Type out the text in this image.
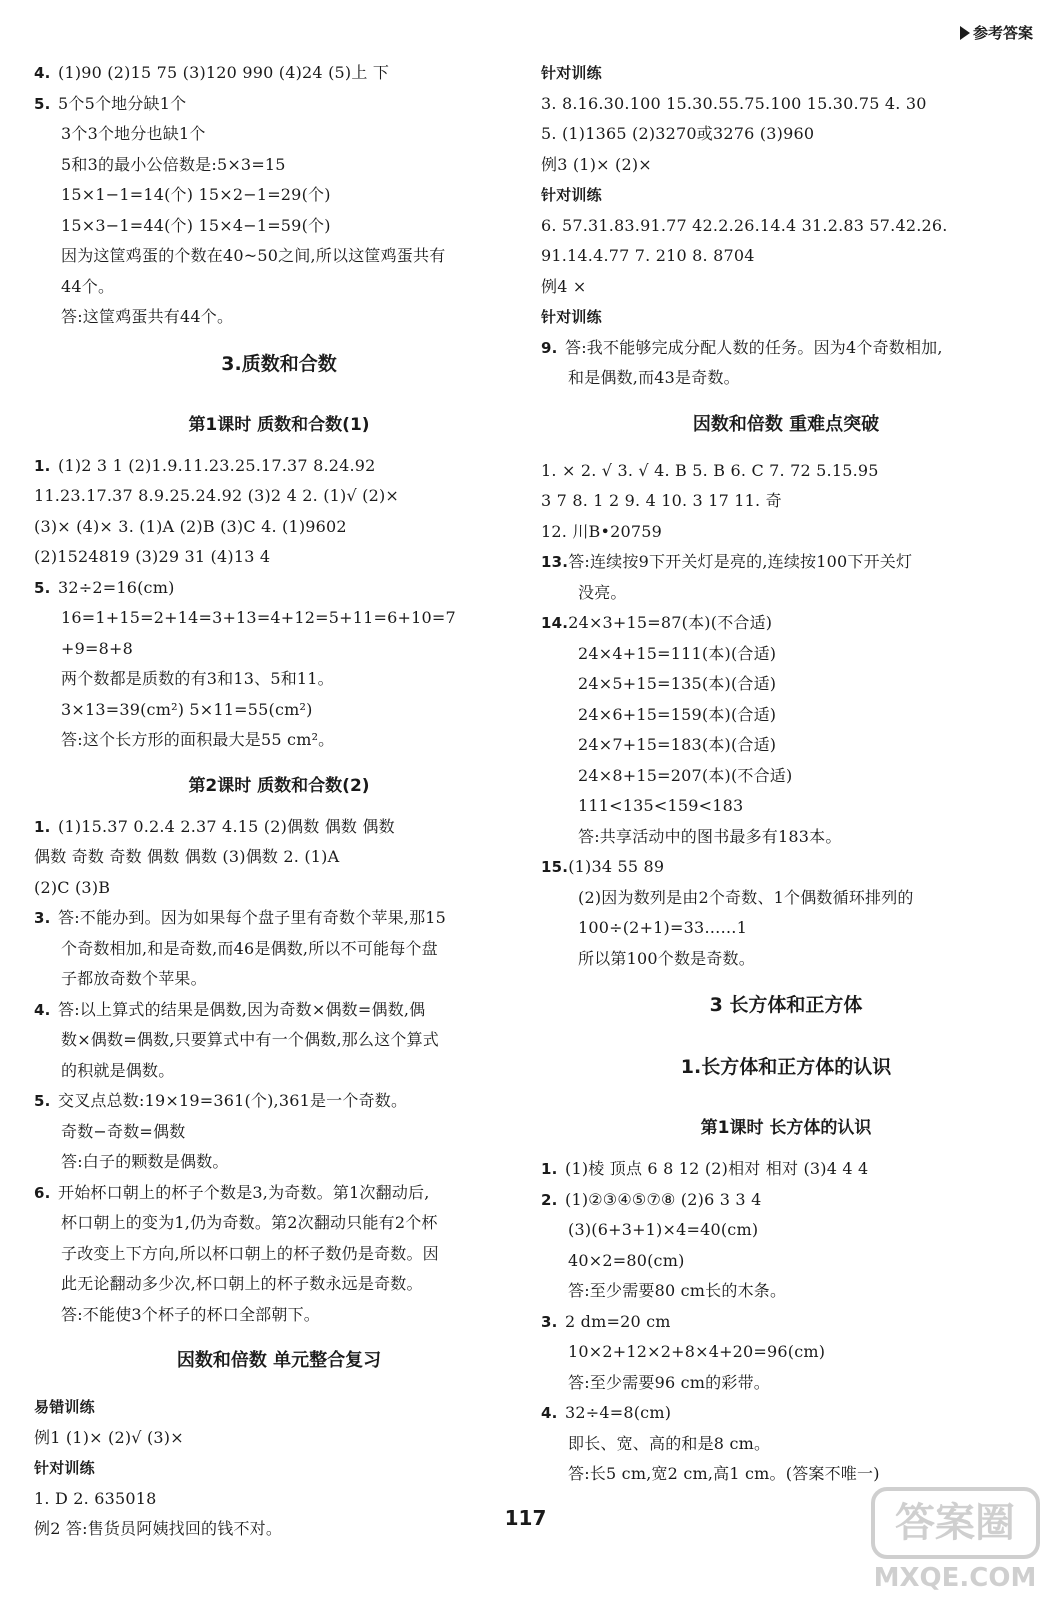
参考答案
4. (1)90 (2)15 75 (3)120 990 (4)24 (5)上 下
5. 5个5个地分缺1个
3个3个地分也缺1个
5和3的最小公倍数是:5×3=15
15×1−1=14(个) 15×2−1=29(个)
15×3−1=44(个) 15×4−1=59(个)
因为这筐鸡蛋的个数在40~50之间,所以这筐鸡蛋共有
44个。
答:这筐鸡蛋共有44个。
3.质数和合数
第1课时 质数和合数(1)
1. (1)2 3 1 (2)1.9.11.23.25.17.37 8.24.92
11.23.17.37 8.9.25.24.92 (3)2 4 2. (1)√ (2)×
(3)× (4)× 3. (1)A (2)B (3)C 4. (1)9602
(2)1524819 (3)29 31 (4)13 4
5. 32÷2=16(cm)
16=1+15=2+14=3+13=4+12=5+11=6+10=7
+9=8+8
两个数都是质数的有3和13、5和11。
3×13=39(cm²) 5×11=55(cm²)
答:这个长方形的面积最大是55 cm²。
第2课时 质数和合数(2)
1. (1)15.37 0.2.4 2.37 4.15 (2)偶数 偶数 偶数
偶数 奇数 奇数 偶数 偶数 (3)偶数 2. (1)A
(2)C (3)B
3. 答:不能办到。因为如果每个盘子里有奇数个苹果,那15
个奇数相加,和是奇数,而46是偶数,所以不可能每个盘
子都放奇数个苹果。
4. 答:以上算式的结果是偶数,因为奇数×偶数=偶数,偶
数×偶数=偶数,只要算式中有一个偶数,那么这个算式
的积就是偶数。
5. 交叉点总数:19×19=361(个),361是一个奇数。
奇数−奇数=偶数
答:白子的颗数是偶数。
6. 开始杯口朝上的杯子个数是3,为奇数。第1次翻动后,
杯口朝上的变为1,仍为奇数。第2次翻动只能有2个杯
子改变上下方向,所以杯口朝上的杯子数仍是奇数。因
此无论翻动多少次,杯口朝上的杯子数永远是奇数。
答:不能使3个杯子的杯口全部朝下。
因数和倍数 单元整合复习
易错训练
例1 (1)× (2)√ (3)×
针对训练
1. D 2. 635018
例2 答:售货员阿姨找回的钱不对。
针对训练
3. 8.16.30.100 15.30.55.75.100 15.30.75 4. 30
5. (1)1365 (2)3270或3276 (3)960
例3 (1)× (2)×
针对训练
6. 57.31.83.91.77 42.2.26.14.4 31.2.83 57.42.26.
91.14.4.77 7. 210 8. 8704
例4 ×
针对训练
9. 答:我不能够完成分配人数的任务。因为4个奇数相加,
和是偶数,而43是奇数。
因数和倍数 重难点突破
1. × 2. √ 3. √ 4. B 5. B 6. C 7. 72 5.15.95
3 7 8. 1 2 9. 4 10. 3 17 11. 奇
12. 川B•20759
13.答:连续按9下开关灯是亮的,连续按100下开关灯
没亮。
14.24×3+15=87(本)(不合适)
24×4+15=111(本)(合适)
24×5+15=135(本)(合适)
24×6+15=159(本)(合适)
24×7+15=183(本)(合适)
24×8+15=207(本)(不合适)
111<135<159<183
答:共享活动中的图书最多有183本。
15.(1)34 55 89
(2)因为数列是由2个奇数、1个偶数循环排列的
100÷(2+1)=33……1
所以第100个数是奇数。
3 长方体和正方体
1.长方体和正方体的认识
第1课时 长方体的认识
1. (1)棱 顶点 6 8 12 (2)相对 相对 (3)4 4 4
2. (1)②③④⑤⑦⑧ (2)6 3 3 4
(3)(6+3+1)×4=40(cm)
40×2=80(cm)
答:至少需要80 cm长的木条。
3. 2 dm=20 cm
10×2+12×2+8×4+20=96(cm)
答:至少需要96 cm的彩带。
4. 32÷4=8(cm)
即长、宽、高的和是8 cm。
答:长5 cm,宽2 cm,高1 cm。(答案不唯一)
117	答案圈
MXQE.COM
